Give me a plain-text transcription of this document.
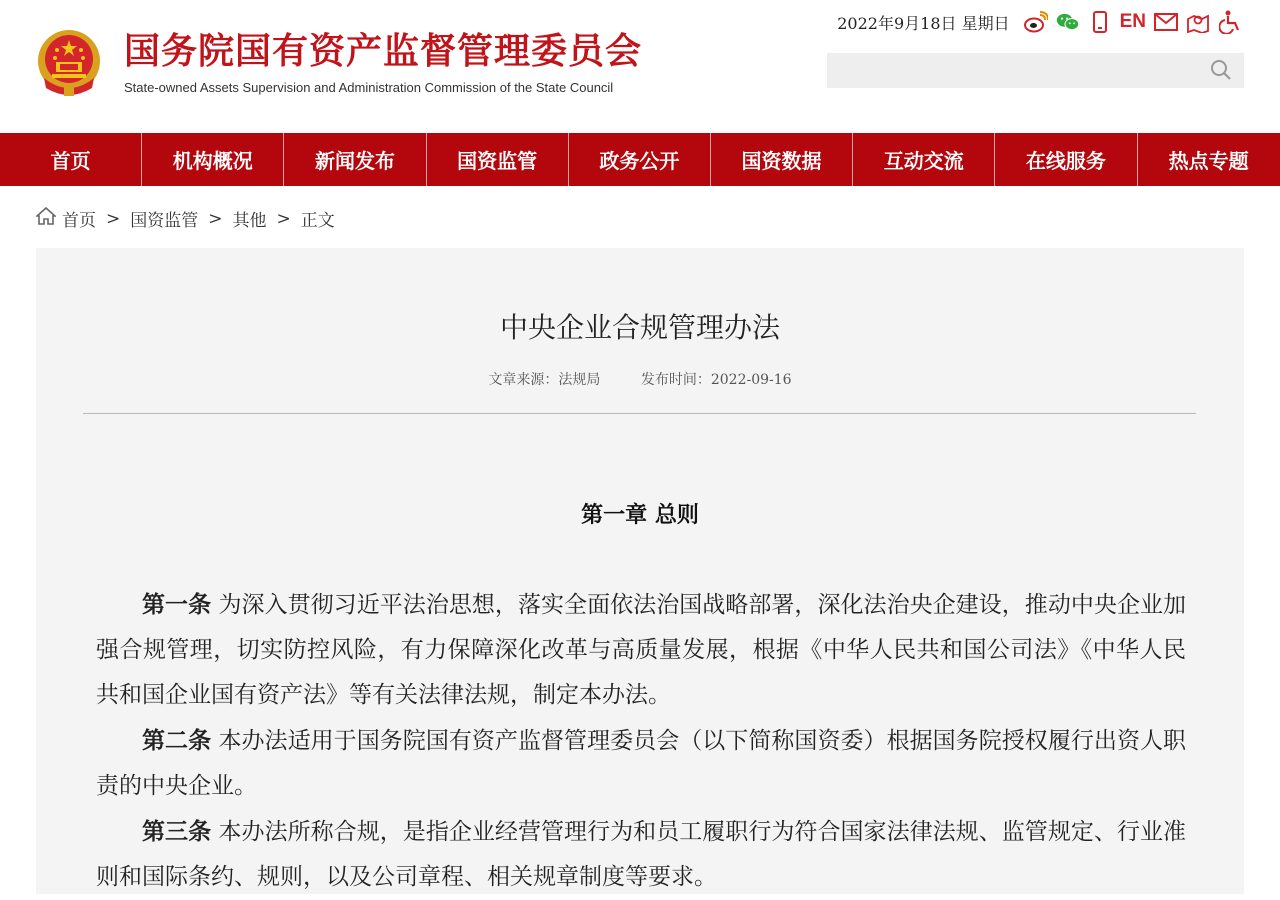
国务院国有资产监督管理委员会
State-owned Assets Supervision and Administration Commission of the State Council
2022年9月18日 星期日	EN
首页	机构概况	新闻发布	国资监管	政务公开	国资数据	互动交流	在线服务	热点专题
首页 > 国资监管 > 其他 > 正文
中央企业合规管理办法
文章来源：法规局	发布时间：2022-09-16
第一章 总则

第一条 为深入贯彻习近平法治思想，落实全面依法治国战略部署，深化法治央企建设，推动中央企业加强合规管理，切实防控风险，有力保障深化改革与高质量发展，根据《中华人民共和国公司法》《中华人民共和国企业国有资产法》等有关法律法规，制定本办法。

第二条 本办法适用于国务院国有资产监督管理委员会（以下简称国资委）根据国务院授权履行出资人职责的中央企业。

第三条 本办法所称合规，是指企业经营管理行为和员工履职行为符合国家法律法规、监管规定、行业准则和国际条约、规则，以及公司章程、相关规章制度等要求。
